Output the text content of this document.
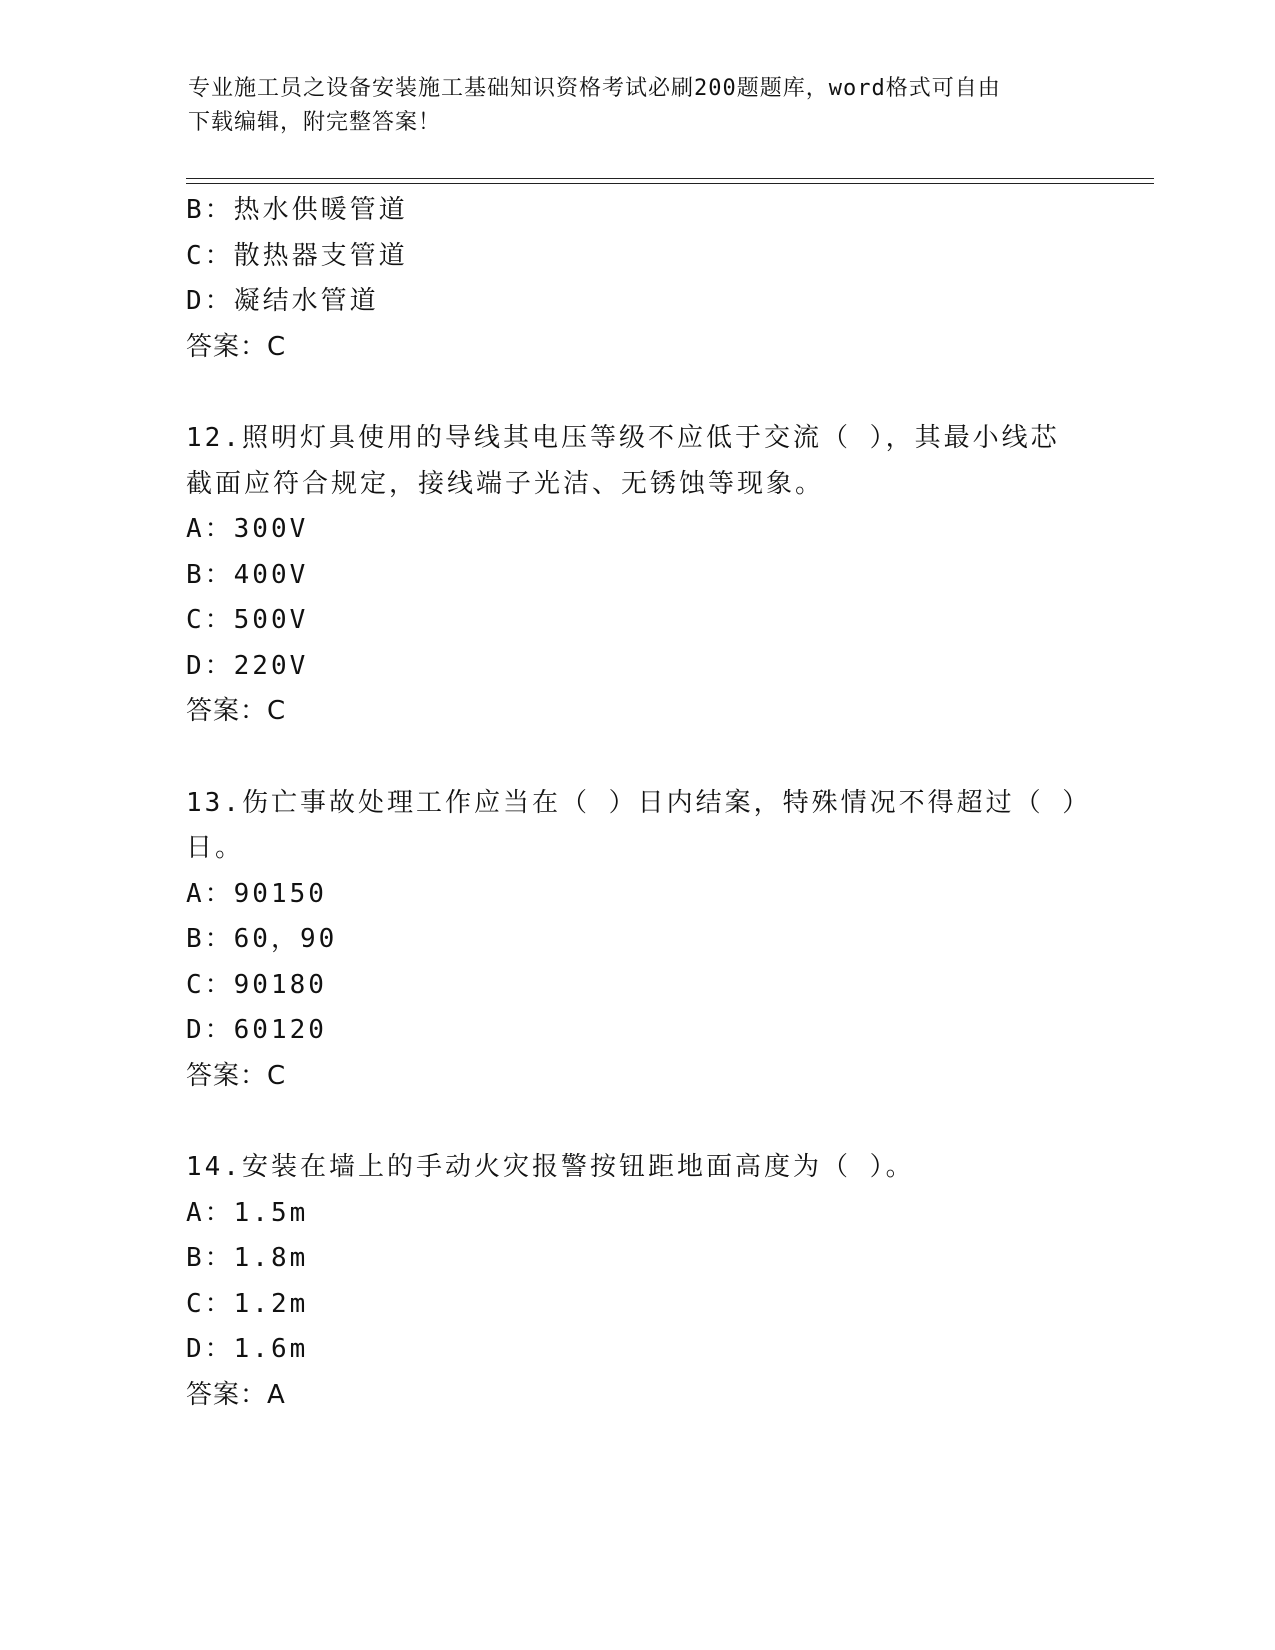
专业施工员之设备安装施工基础知识资格考试必刷200题题库，word格式可自由
下载编辑，附完整答案！
B：热水供暖管道
C：散热器支管道
D：凝结水管道
答案：C
12.照明灯具使用的导线其电压等级不应低于交流（ ），其最小线芯
截面应符合规定，接线端子光洁、无锈蚀等现象。
A：300V
B：400V
C：500V
D：220V
答案：C
13.伤亡事故处理工作应当在（ ）日内结案，特殊情况不得超过（ ）
日。
A：90150
B：60，90
C：90180
D：60120
答案：C
14.安装在墙上的手动火灾报警按钮距地面高度为（ ）。
A：1.5m
B：1.8m
C：1.2m
D：1.6m
答案：A
